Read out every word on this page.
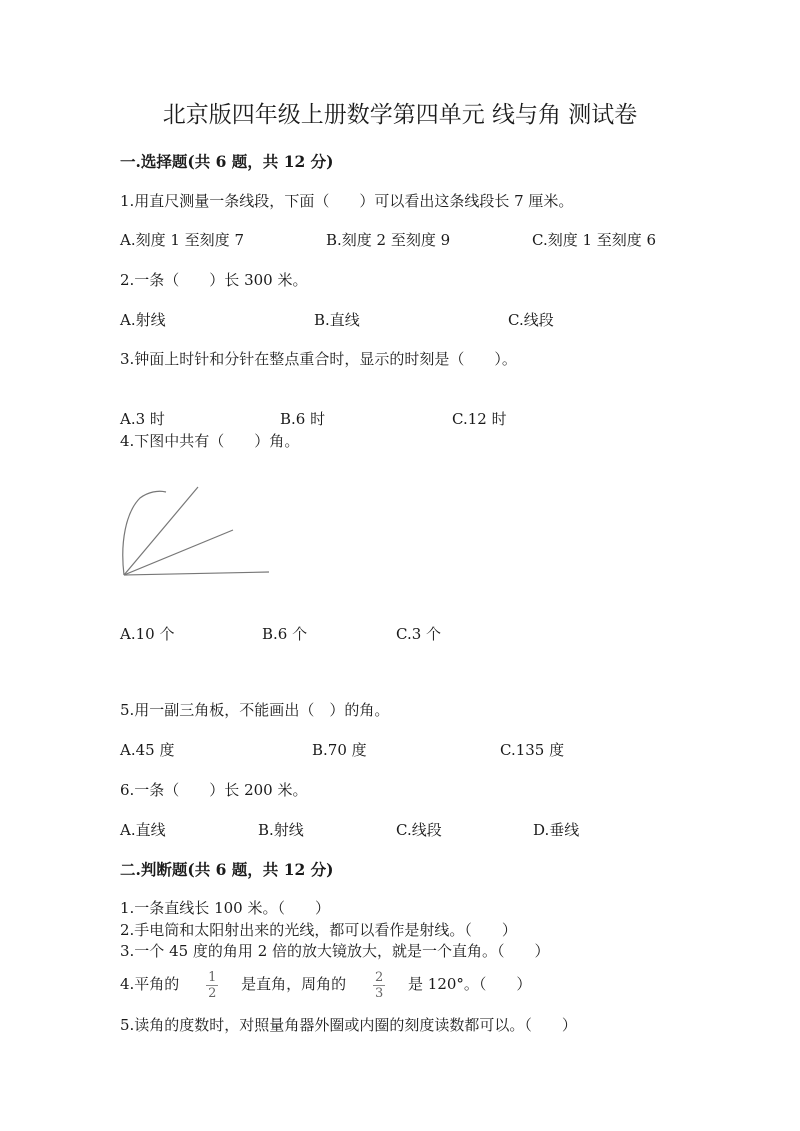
北京版四年级上册数学第四单元 线与角 测试卷
一.选择题(共 6 题，共 12 分)
1.用直尺测量一条线段，下面（　　）可以看出这条线段长 7 厘米。
A.刻度 1 至刻度 7	B.刻度 2 至刻度 9	C.刻度 1 至刻度 6
2.一条（　　）长 300 米。
A.射线	B.直线	C.线段
3.钟面上时针和分针在整点重合时，显示的时刻是（　　）。
A.3 时	B.6 时	C.12 时
4.下图中共有（　　）角。
A.10 个	B.6 个	C.3 个
5.用一副三角板，不能画出（　）的角。
A.45 度	B.70 度	C.135 度
6.一条（　　）长 200 米。
A.直线	B.射线	C.线段	D.垂线
二.判断题(共 6 题，共 12 分)
1.一条直线长 100 米。（　　）
2.手电筒和太阳射出来的光线，都可以看作是射线。（　　）
3.一个 45 度的角用 2 倍的放大镜放大，就是一个直角。（　　）
4.平角的 $\frac{1}{2}$ 是直角，周角的 $\frac{2}{3}$ 是 120°。（　　）
5.读角的度数时，对照量角器外圈或内圈的刻度读数都可以。（　　）
